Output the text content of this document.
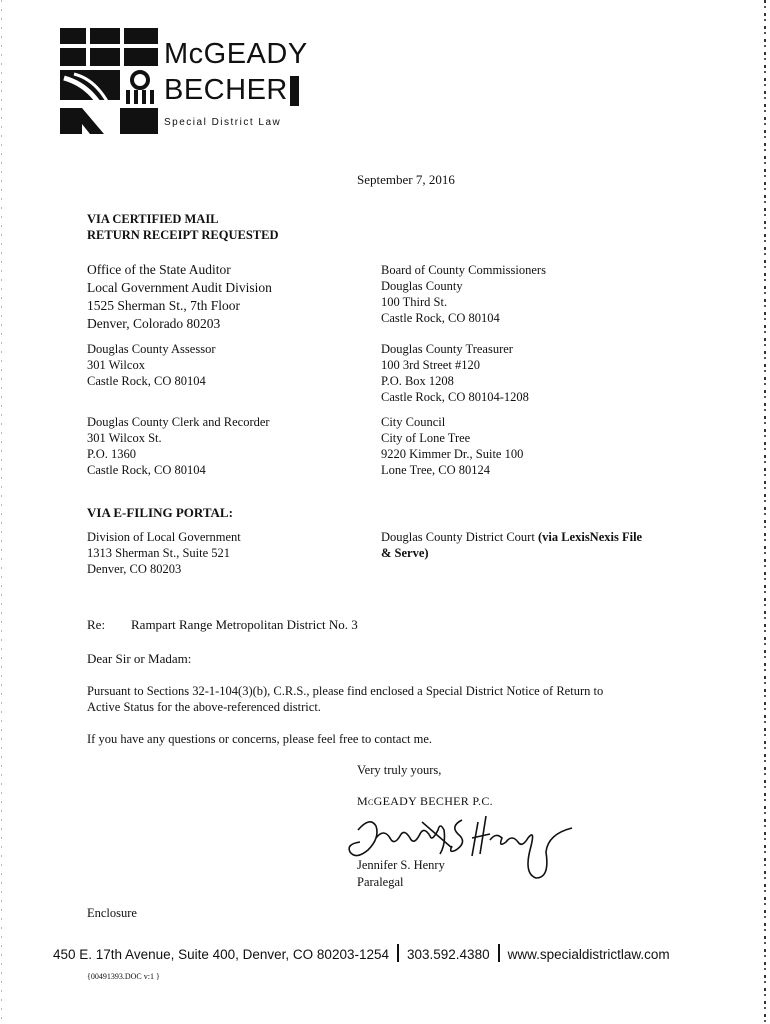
McGEADY
BECHER
Special District Law
September 7, 2016
VIA CERTIFIED MAIL
RETURN RECEIPT REQUESTED
Office of the State Auditor
Local Government Audit Division
1525 Sherman St., 7th Floor
Denver, Colorado 80203
Board of County Commissioners
Douglas County
100 Third St.
Castle Rock, CO 80104
Douglas County Assessor
301 Wilcox
Castle Rock, CO 80104
Douglas County Treasurer
100 3rd Street #120
P.O. Box 1208
Castle Rock, CO 80104-1208
Douglas County Clerk and Recorder
301 Wilcox St.
P.O. 1360
Castle Rock, CO 80104
City Council
City of Lone Tree
9220 Kimmer Dr., Suite 100
Lone Tree, CO 80124
VIA E-FILING PORTAL:
Division of Local Government
1313 Sherman St., Suite 521
Denver, CO 80203
Douglas County District Court (via LexisNexis File
& Serve)
Re: Rampart Range Metropolitan District No. 3
Dear Sir or Madam:
Pursuant to Sections 32-1-104(3)(b), C.R.S., please find enclosed a Special District Notice of Return to
Active Status for the above-referenced district.
If you have any questions or concerns, please feel free to contact me.
Very truly yours,
McGEADY BECHER P.C.
Jennifer S. Henry
Paralegal
Enclosure
450 E. 17th Avenue, Suite 400, Denver, CO 80203-1254 303.592.4380 www.specialdistrictlaw.com
{00491393.DOC v:1 }
